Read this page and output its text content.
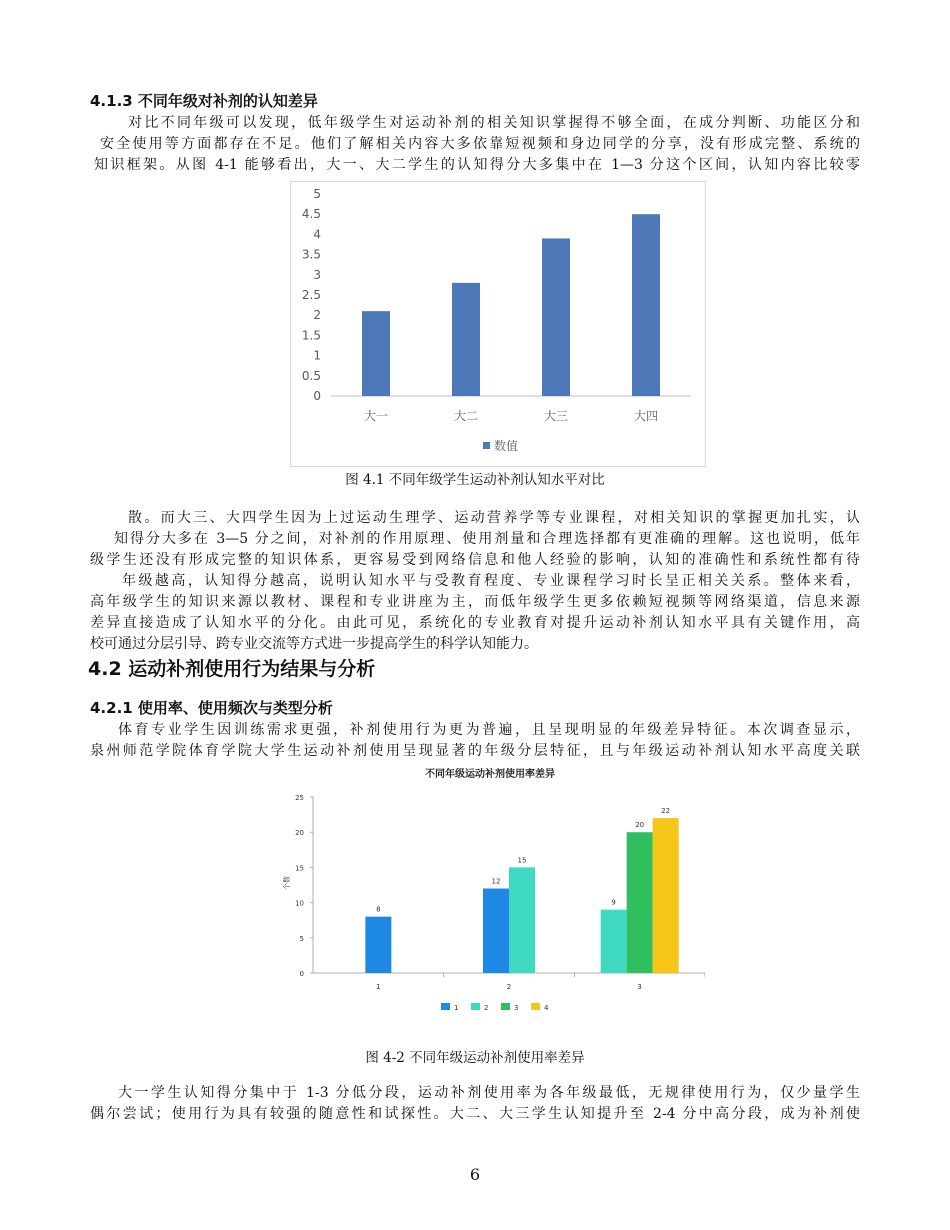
4.1.3 不同年级对补剂的认知差异
对比不同年级可以发现，低年级学生对运动补剂的相关知识掌握得不够全面，在成分判断、功能区分和
安全使用等方面都存在不足。他们了解相关内容大多依靠短视频和身边同学的分享，没有形成完整、系统的
知识框架。从图 4-1 能够看出，大一、大二学生的认知得分大多集中在 1—3 分这个区间，认知内容比较零
0
0.5
1
1.5
2
2.5
3
3.5
4
4.5
5
大一	大二	大三	大四
数值
图 4.1 不同年级学生运动补剂认知水平对比
散。而大三、大四学生因为上过运动生理学、运动营养学等专业课程，对相关知识的掌握更加扎实，认
知得分大多在 3—5 分之间，对补剂的作用原理、使用剂量和合理选择都有更准确的理解。这也说明，低年
级学生还没有形成完整的知识体系，更容易受到网络信息和他人经验的影响，认知的准确性和系统性都有待
年级越高，认知得分越高，说明认知水平与受教育程度、专业课程学习时长呈正相关关系。整体来看，
高年级学生的知识来源以教材、课程和专业讲座为主，而低年级学生更多依赖短视频等网络渠道，信息来源
差异直接造成了认知水平的分化。由此可见，系统化的专业教育对提升运动补剂认知水平具有关键作用，高
校可通过分层引导、跨专业交流等方式进一步提高学生的科学认知能力。
4.2 运动补剂使用行为结果与分析
4.2.1 使用率、使用频次与类型分析
体育专业学生因训练需求更强，补剂使用行为更为普遍，且呈现明显的年级差异特征。本次调查显示，
泉州师范学院体育学院大学生运动补剂使用呈现显著的年级分层特征，且与年级运动补剂认知水平高度关联
不同年级运动补剂使用率差异
个数
0
5
10
15
20
25
8
12
15
9
20
22
1	2	3
1	2	3	4
图 4-2 不同年级运动补剂使用率差异
大一学生认知得分集中于 1-3 分低分段，运动补剂使用率为各年级最低，无规律使用行为，仅少量学生
偶尔尝试；使用行为具有较强的随意性和试探性。大二、大三学生认知提升至 2-4 分中高分段，成为补剂使
6
